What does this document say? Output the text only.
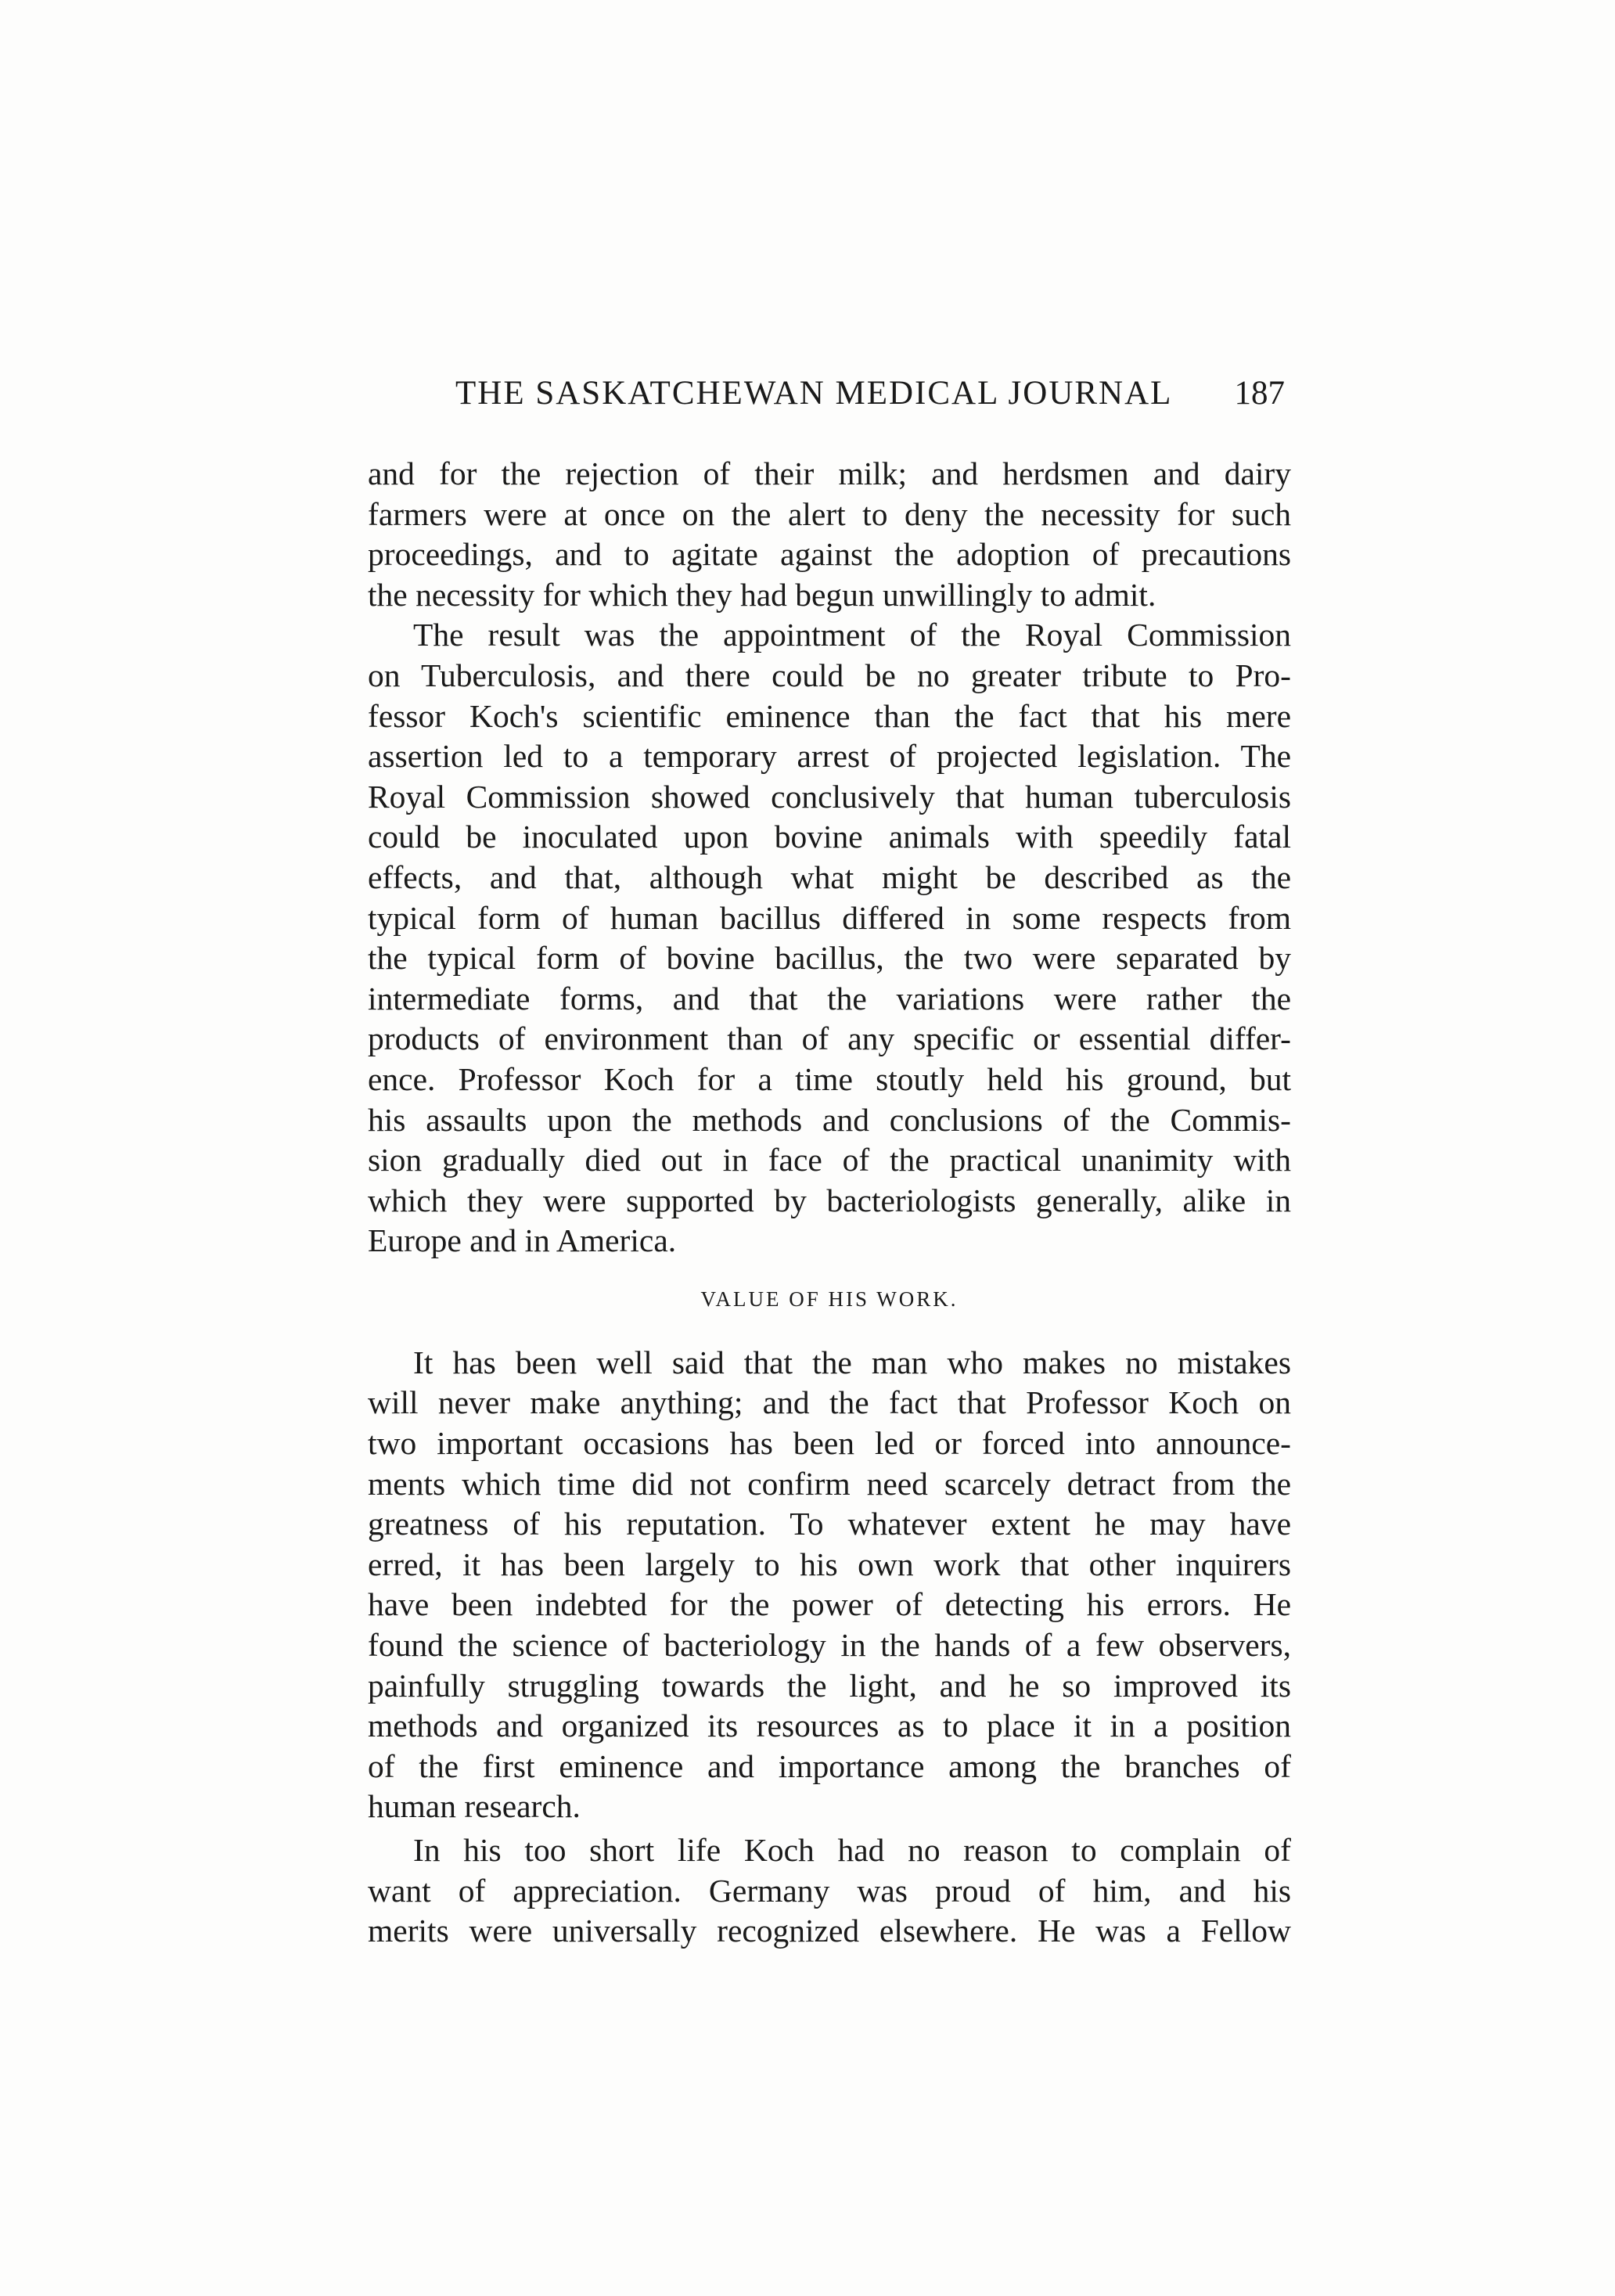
THE SASKATCHEWAN MEDICAL JOURNAL 187
and for the rejection of their milk; and herdsmen and dairy
farmers were at once on the alert to deny the necessity for such
proceedings, and to agitate against the adoption of precautions
the necessity for which they had begun unwillingly to admit.
The result was the appointment of the Royal Commission
on Tuberculosis, and there could be no greater tribute to Pro-
fessor Koch's scientific eminence than the fact that his mere
assertion led to a temporary arrest of projected legislation. The
Royal Commission showed conclusively that human tuberculosis
could be inoculated upon bovine animals with speedily fatal
effects, and that, although what might be described as the
typical form of human bacillus differed in some respects from
the typical form of bovine bacillus, the two were separated by
intermediate forms, and that the variations were rather the
products of environment than of any specific or essential differ-
ence. Professor Koch for a time stoutly held his ground, but
his assaults upon the methods and conclusions of the Commis-
sion gradually died out in face of the practical unanimity with
which they were supported by bacteriologists generally, alike in
Europe and in America.
VALUE OF HIS WORK.
It has been well said that the man who makes no mistakes
will never make anything; and the fact that Professor Koch on
two important occasions has been led or forced into announce-
ments which time did not confirm need scarcely detract from the
greatness of his reputation. To whatever extent he may have
erred, it has been largely to his own work that other inquirers
have been indebted for the power of detecting his errors. He
found the science of bacteriology in the hands of a few observers,
painfully struggling towards the light, and he so improved its
methods and organized its resources as to place it in a position
of the first eminence and importance among the branches of
human research.
In his too short life Koch had no reason to complain of
want of appreciation. Germany was proud of him, and his
merits were universally recognized elsewhere. He was a Fellow
